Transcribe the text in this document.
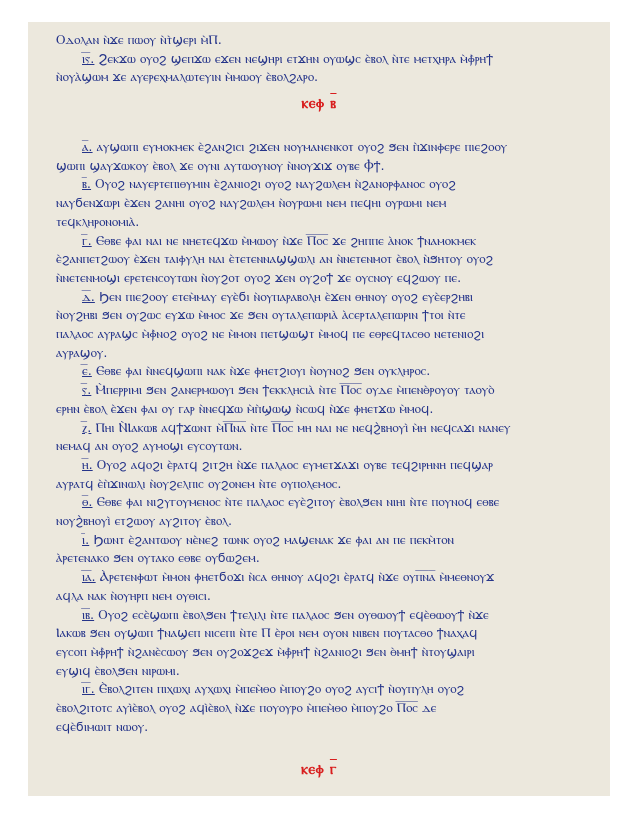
Ⲟⲇⲟⲗⲁⲛ ⲛ̀ϫⲉ ⲡⲱⲟⲩ ⲛ̀ⲧ̀ϣⲉⲣⲓ ⲙ̀Ⲡ.
ⲓ̅ⲋ̅. Ϩⲉⲕϫⲱ ⲟⲩⲟϩ ϣⲉⲡϫⲱ ⲉϫⲉⲛ ⲛⲉϣⲏⲣⲓ ⲉⲧϫⲏⲛ ⲟⲩⲱϣⲥ ⲉ̀ⲃⲟⲗ ⲛ̀ⲧⲉ ⲙⲉⲧⲭⲏⲣⲁ ⲙ̀ⲫ̀ⲣⲏϯ
ⲛ̀ⲟⲩⲁ̀ϣⲱⲙ ϫⲉ ⲁⲩⲉⲣⲉⲭⲙⲁⲗⲱⲧⲉⲩⲓⲛ ⲙ̀ⲙⲱⲟⲩ ⲉ̀ⲃⲟⲗϩⲁⲣⲟ.
ⲁ̅. ⲁⲩϣⲱⲡⲓ ⲉⲩⲙⲟⲕⲙⲉⲕ ⲉ̀ϩⲁⲛϩⲓⲥⲓ ϩⲓϫⲉⲛ ⲛⲟⲩⲙⲁⲛⲉⲛⲕⲟⲧ ⲟⲩⲟϩ ϧⲉⲛ ⲡ̀ϫⲓⲛⲫⲉⲣⲉ ⲡⲓⲉϩⲟⲟⲩ
ϣⲱⲡⲓ ϣⲁⲩϫⲱⲕⲟⲩ ⲉ̀ⲃⲟⲗ ϫⲉ ⲟⲩⲛⲓ ⲁⲩⲧⲱⲟⲩⲛⲟⲩ ⲛ̀ⲛⲟⲩϫⲓϫ ⲟⲩⲃⲉ Ⲫϯ.
ⲃ̅. Ⲟⲩⲟϩ ⲛⲁⲩⲉⲣⲧⲉⲡⲓⲑⲩⲙⲓⲛ ⲉ̀ϩⲁⲛⲓⲟϩⲓ ⲟⲩⲟϩ ⲛⲁⲩϩⲱⲗⲉⲙ ⲛ̀ϩⲁⲛⲟⲣⲫⲁⲛⲟⲥ ⲟⲩⲟϩ
ⲛⲁⲩϭⲉⲛϫⲱⲣⲓ ⲉ̀ϫⲉⲛ ϩⲁⲛⲏⲓ ⲟⲩⲟϩ ⲛⲁⲩϩⲱⲗⲉⲙ ⲛ̀ⲟⲩⲣⲱⲙⲓ ⲛⲉⲙ ⲡⲉϥⲏⲓ ⲟⲩⲣⲱⲙⲓ ⲛⲉⲙ
ⲧⲉϥⲕⲗⲏⲣⲟⲛⲟⲙⲓⲁ̀.
ⲅ̅. Ⲉⲑⲃⲉ ⲫⲁⲓ ⲛⲁⲓ ⲛⲉ ⲛⲏⲉⲧⲉϥϫⲱ ⲙ̀ⲙⲱⲟⲩ ⲛ̀ϫⲉ Ⲡ̅ⲟ̅ⲥ̅ ϫⲉ ϩⲏⲡⲡⲉ ⲁ̀ⲛⲟⲕ ϯⲛⲁⲙⲟⲕⲙⲉⲕ
ⲉ̀ϩⲁⲛⲡⲉⲧϩⲱⲟⲩ ⲉ̀ϫⲉⲛ ⲧⲁⲓⲫⲩⲗⲏ ⲛⲁⲓ ⲉ̀ⲧⲉⲧⲉⲛⲛⲁϣϣⲱⲗⲓ ⲁⲛ ⲛ̀ⲛⲉⲧⲉⲛⲙⲟⲧ ⲉ̀ⲃⲟⲗ ⲛ̀ϧⲏⲧⲟⲩ ⲟⲩⲟϩ
ⲛ̀ⲛⲉⲧⲉⲛⲙⲟϣⲓ ⲉⲣⲉⲧⲉⲛⲥⲟⲩⲧⲱⲛ ⲛ̀ⲟⲩϩⲟⲧ ⲟⲩⲟϩ ϫⲉⲛ ⲟⲩϩⲟϯ ϫⲉ ⲟⲩⲥⲛⲟⲩ ⲉϥϩⲱⲟⲩ ⲡⲉ.
ⲇ̅. Ϧⲉⲛ ⲡⲓⲉϩⲟⲟⲩ ⲉⲧⲉⲙ̀ⲙⲁⲩ ⲉⲩⲉ̀ϭⲓ ⲛ̀ⲟⲩⲡⲁⲣⲁⲃⲟⲗⲏ ⲉ̀ϫⲉⲛ ⲑⲏⲛⲟⲩ ⲟⲩⲟϩ ⲉⲩⲉ̀ⲉⲣϩⲏⲃⲓ
ⲛ̀ⲟⲩϩⲏⲃⲓ ϧⲉⲛ ⲟⲩϩⲱⲥ ⲉⲩϫⲱ ⲙ̀ⲙⲟⲥ ϫⲉ ϧⲉⲛ ⲟⲩⲧⲁⲗⲉⲡⲱⲣⲓⲁ̀ ⲁ̀ⲥⲉⲣⲧⲁⲗⲉⲡⲱⲣⲓⲛ ϯⲧⲟⲓ ⲛ̀ⲧⲉ
ⲡⲁⲗⲁⲟⲥ ⲁⲩⲣⲁϣⲥ ⲙ̀ⲫ̀ⲛⲟϩ ⲟⲩⲟϩ ⲛⲉ ⲙ̀ⲙⲟⲛ ⲡⲉⲧϣⲱϣⲧ ⲙ̀ⲙⲟϥ ⲡⲉ ⲉⲑⲣⲉϥⲧⲁⲥⲑⲟ ⲛⲉⲧⲉⲛⲓⲟϩⲓ
ⲁⲩⲣⲁϣⲟⲩ.
ⲉ̅. Ⲉⲑⲃⲉ ⲫⲁⲓ ⲛ̀ⲛⲉϥϣⲱⲡⲓ ⲛⲁⲕ ⲛ̀ϫⲉ ⲫⲏⲉⲧϩⲓⲟⲩⲓ ⲛ̀ⲟⲩⲛⲟϩ ϧⲉⲛ ⲟⲩⲕⲗⲏⲣⲟⲥ.
ⲋ̅. Ⲙ̀ⲡⲉⲣⲣⲓⲙⲓ ϧⲉⲛ ϩⲁⲛⲉⲣⲙⲱⲟⲩⲓ ϧⲉⲛ ϯⲉⲕⲕⲗⲏⲥⲓⲁ̀ ⲛ̀ⲧⲉ Ⲡ̅ⲟ̅ⲥ̅ ⲟⲩⲇⲉ ⲙ̀ⲡⲉⲛⲑ̀ⲣⲟⲩⲟⲩ ⲧⲁⲟⲩⲟ̀
ⲉⲣⲏⲛ ⲉ̀ⲃⲟⲗ ⲉ̀ϫⲉⲛ ⲫⲁⲓ ⲟⲩ ⲅⲁⲣ ⲛ̀ⲛⲉϥϫⲱ ⲙ̀ⲡ̀ϣⲱϣ ⲛ̀ⲥⲱϥ ⲛ̀ϫⲉ ⲫⲏⲉⲧϫⲱ ⲙ̀ⲙⲟϥ.
ⲍ̅. Ⲡⲏⲓ Ⲛ̀Ⲓⲁⲕⲱⲃ ⲁϥϯϫⲱⲛⲧ ⲙ̀Ⲡ̅ⲛ̅ⲁ̅ ⲛ̀ⲧⲉ Ⲡ̅ⲟ̅ⲥ̅ ⲙⲏ ⲛⲁⲓ ⲛⲉ ⲛⲉϥϩ̀ⲃⲏⲟⲩⲓ̀ ⲙ̀ⲏ ⲛⲉϥⲥⲁϫⲓ ⲛⲁⲛⲉⲩ
ⲛⲉⲙⲁϥ ⲁⲛ ⲟⲩⲟϩ ⲁⲩⲙⲟϣⲓ ⲉⲩⲥⲟⲩⲧⲱⲛ.
ⲏ̅. Ⲟⲩⲟϩ ⲁϥⲟϩⲓ ⲉ̀ⲣⲁⲧϥ ϩⲓⲧϩⲏ ⲛ̀ϫⲉ ⲡⲁⲗⲁⲟⲥ ⲉⲩⲙⲉⲧϫⲁϫⲓ ⲟⲩⲃⲉ ⲧⲉϥϩⲓⲣⲏⲛⲏ ⲡⲉϥϣⲁⲣ
ⲁⲩⲣⲁⲧϥ ⲉ̀ⲡ̀ϫⲓⲛⲱⲗⲓ ⲛ̀ⲟⲩϩⲉⲗⲡⲓⲥ ⲟⲩϩⲟⲛⲉⲙ ⲛ̀ⲧⲉ ⲟⲩⲡⲟⲗⲉⲙⲟⲥ.
ⲑ̅. Ⲉⲑⲃⲉ ⲫⲁⲓ ⲛⲓϩⲩⲅⲟⲩⲙⲉⲛⲟⲥ ⲛ̀ⲧⲉ ⲡⲁⲗⲁⲟⲥ ⲉⲩⲉ̀ϩⲓⲧⲟⲩ ⲉ̀ⲃⲟⲗϧⲉⲛ ⲛⲓⲏⲓ ⲛ̀ⲧⲉ ⲡⲟⲩⲛⲟϥ ⲉⲑⲃⲉ
ⲛⲟⲩϩ̀ⲃⲏⲟⲩⲓ̀ ⲉⲧϩⲱⲟⲩ ⲁⲩϩⲓⲧⲟⲩ ⲉ̀ⲃⲟⲗ.
ⲓ̅. Ϧⲱⲛⲧ ⲉ̀ϩⲁⲛⲧⲱⲟⲩ ⲛⲉ̀ⲛⲉϩ ⲧⲱⲛⲕ ⲟⲩⲟϩ ⲙⲁϣⲉⲛⲁⲕ ϫⲉ ⲫⲁⲓ ⲁⲛ ⲡⲉ ⲡⲉⲕⲙ̀ⲧⲟⲛ
ⲁ̀ⲣⲉⲧⲉⲛⲁⲕⲟ ϧⲉⲛ ⲟⲩⲧⲁⲕⲟ ⲉⲑⲃⲉ ⲟⲩϭⲱϩⲉⲙ.
ⲓ̅ⲁ̅. Ⲁ̀ⲣⲉⲧⲉⲛⲫⲱⲧ ⲙ̀ⲙⲟⲛ ⲫⲏⲉⲧϭⲟϫⲓ ⲛ̀ⲥⲁ ⲑⲏⲛⲟⲩ ⲁϥⲟϩⲓ ⲉ̀ⲣⲁⲧϥ ⲛ̀ϫⲉ ⲟⲩⲡ̅ⲛ̅ⲁ̅ ⲙ̀ⲙⲉⲑⲛⲟⲩϫ
ⲁϥⲗⲁ ⲛⲁⲕ ⲛ̀ⲟⲩⲏⲣⲡ ⲛⲉⲙ ⲟⲩⲑⲓⲥⲓ.
ⲓ̅ⲃ̅. Ⲟⲩⲟϩ ⲉⲥⲉ̀ϣⲱⲡⲓ ⲉ̀ⲃⲟⲗϧⲉⲛ ϯⲧⲉⲗⲓⲗⲓ ⲛ̀ⲧⲉ ⲡⲁⲗⲁⲟⲥ ϧⲉⲛ ⲟⲩⲑⲱⲟⲩϯ ⲉϥⲉ̀ⲑⲱⲟⲩϯ ⲛ̀ϫⲉ
Ⲓⲁⲕⲱⲃ ϧⲉⲛ ⲟⲩϣⲱⲡ ϯⲛⲁϣⲉⲡ ⲛⲓⲥⲉⲡⲓ ⲛ̀ⲧⲉ Ⲡ ⲉ̀ⲣⲟⲓ ⲛⲉⲙ ⲟⲩⲟⲛ ⲛⲓⲃⲉⲛ ⲡⲟⲩⲧⲁⲥⲑⲟ ϯⲛⲁⲭⲁϥ
ⲉⲩⲥⲟⲡ ⲙ̀ⲫ̀ⲣⲏϯ ⲛ̀ϩⲁⲛⲉ̀ⲥⲱⲟⲩ ϧⲉⲛ ⲟⲩϩⲟϫϩⲉϫ ⲙ̀ⲫ̀ⲣⲏϯ ⲛ̀ϩⲁⲛⲓⲟϩⲓ ϧⲉⲛ ⲑ̀ⲙⲏϯ ⲛ̀ⲧⲟⲩϣⲁⲓⲣⲓ
ⲉⲩϣⲓϥ ⲉ̀ⲃⲟⲗϧⲉⲛ ⲛⲓⲣⲱⲙⲓ.
ⲓ̅ⲅ̅. Ⲉ̀ⲃⲟⲗϩⲓⲧⲉⲛ ⲡⲓⲭⲱⲭⲓ ⲁⲩⲭⲱⲭⲓ ⲙ̀ⲡⲉⲙ̀ⲑⲟ ⲙ̀ⲡⲟⲩϩⲟ ⲟⲩⲟϩ ⲁⲩⲥⲓϯ ⲛ̀ⲟⲩⲡⲩⲗⲏ ⲟⲩⲟϩ
ⲉ̀ⲃⲟⲗϩⲓⲧⲟⲧⲥ ⲁⲩⲓ̀ⲉ̀ⲃⲟⲗ ⲟⲩⲟϩ ⲁϥⲓ̀ⲉ̀ⲃⲟⲗ ⲛ̀ϫⲉ ⲡⲟⲩⲟⲩⲣⲟ ⲙ̀ⲡⲉⲙ̀ⲑⲟ ⲙ̀ⲡⲟⲩϩⲟ Ⲡ̅ⲟ̅ⲥ̅ ⲇⲉ
ⲉϥⲉ̀ϭⲓⲙⲱⲓⲧ ⲛⲱⲟⲩ.
ⲕⲉⲫ ⲃ
ⲕⲉⲫ ⲅ
